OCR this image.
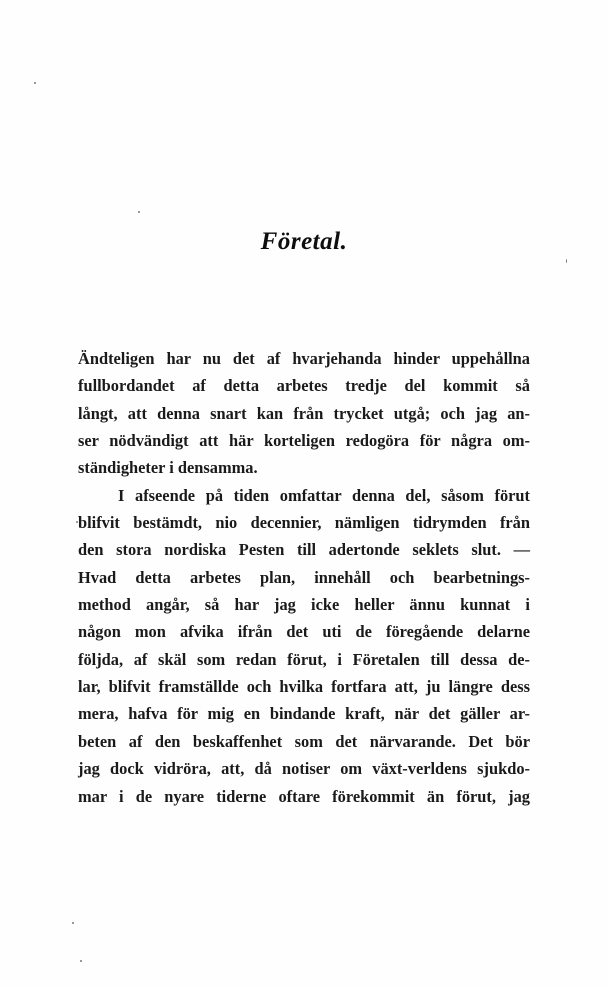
Företal.
Ändteligen har nu det af hvarjehanda hinder uppehållna
fullbordandet af detta arbetes tredje del kommit så
långt, att denna snart kan från trycket utgå; och jag an-
ser nödvändigt att här korteligen redogöra för några om-
ständigheter i densamma.
I afseende på tiden omfattar denna del, såsom förut
blifvit bestämdt, nio decennier, nämligen tidrymden från
den stora nordiska Pesten till adertonde seklets slut. —
Hvad detta arbetes plan, innehåll och bearbetnings-
method angår, så har jag icke heller ännu kunnat i
någon mon afvika ifrån det uti de föregående delarne
följda, af skäl som redan förut, i Företalen till dessa de-
lar, blifvit framställde och hvilka fortfara att, ju längre dess
mera, hafva för mig en bindande kraft, när det gäller ar-
beten af den beskaffenhet som det närvarande. Det bör
jag dock vidröra, att, då notiser om växt-verldens sjukdo-
mar i de nyare tiderne oftare förekommit än förut, jag
